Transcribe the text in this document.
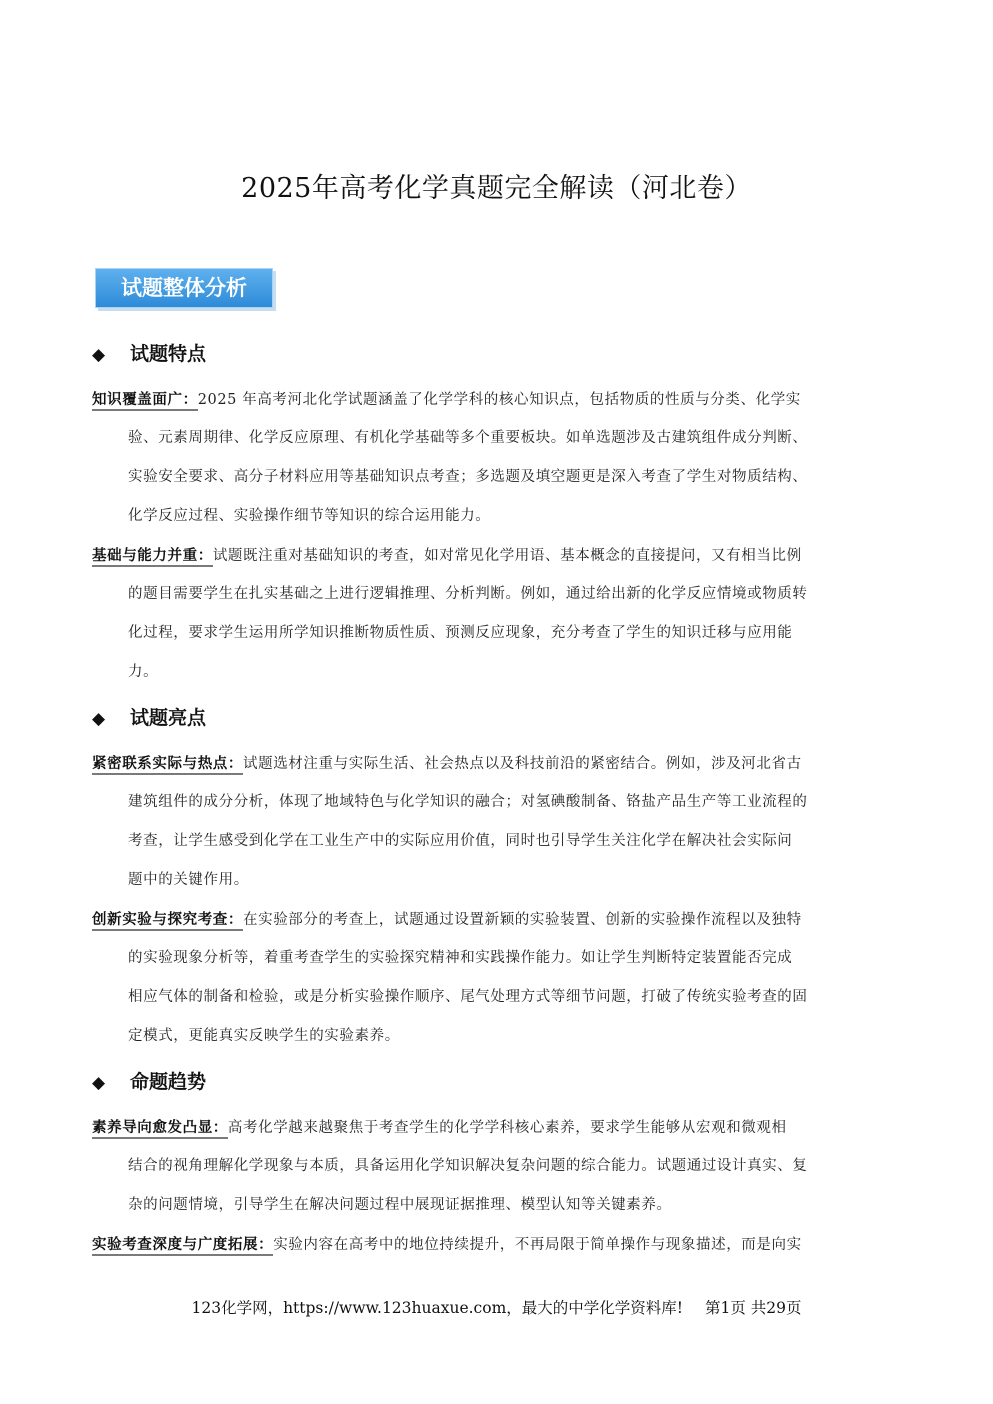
2025年高考化学真题完全解读（河北卷）
试题整体分析
◆ 试题特点
知识覆盖面广：2025 年高考河北化学试题涵盖了化学学科的核心知识点，包括物质的性质与分类、化学实
验、元素周期律、化学反应原理、有机化学基础等多个重要板块。如单选题涉及古建筑组件成分判断、
实验安全要求、高分子材料应用等基础知识点考查；多选题及填空题更是深入考查了学生对物质结构、
化学反应过程、实验操作细节等知识的综合运用能力。
基础与能力并重：试题既注重对基础知识的考查，如对常见化学用语、基本概念的直接提问，又有相当比例
的题目需要学生在扎实基础之上进行逻辑推理、分析判断。例如，通过给出新的化学反应情境或物质转
化过程，要求学生运用所学知识推断物质性质、预测反应现象，充分考查了学生的知识迁移与应用能
力。
◆ 试题亮点
紧密联系实际与热点：试题选材注重与实际生活、社会热点以及科技前沿的紧密结合。例如，涉及河北省古
建筑组件的成分分析，体现了地域特色与化学知识的融合；对氢碘酸制备、铬盐产品生产等工业流程的
考查，让学生感受到化学在工业生产中的实际应用价值，同时也引导学生关注化学在解决社会实际问
题中的关键作用。
创新实验与探究考查：在实验部分的考查上，试题通过设置新颖的实验装置、创新的实验操作流程以及独特
的实验现象分析等，着重考查学生的实验探究精神和实践操作能力。如让学生判断特定装置能否完成
相应气体的制备和检验，或是分析实验操作顺序、尾气处理方式等细节问题，打破了传统实验考查的固
定模式，更能真实反映学生的实验素养。
◆ 命题趋势
素养导向愈发凸显：高考化学越来越聚焦于考查学生的化学学科核心素养，要求学生能够从宏观和微观相
结合的视角理解化学现象与本质，具备运用化学知识解决复杂问题的综合能力。试题通过设计真实、复
杂的问题情境，引导学生在解决问题过程中展现证据推理、模型认知等关键素养。
实验考查深度与广度拓展：实验内容在高考中的地位持续提升，不再局限于简单操作与现象描述，而是向实
123化学网，https://www.123huaxue.com，最大的中学化学资料库! 第1页 共29页
